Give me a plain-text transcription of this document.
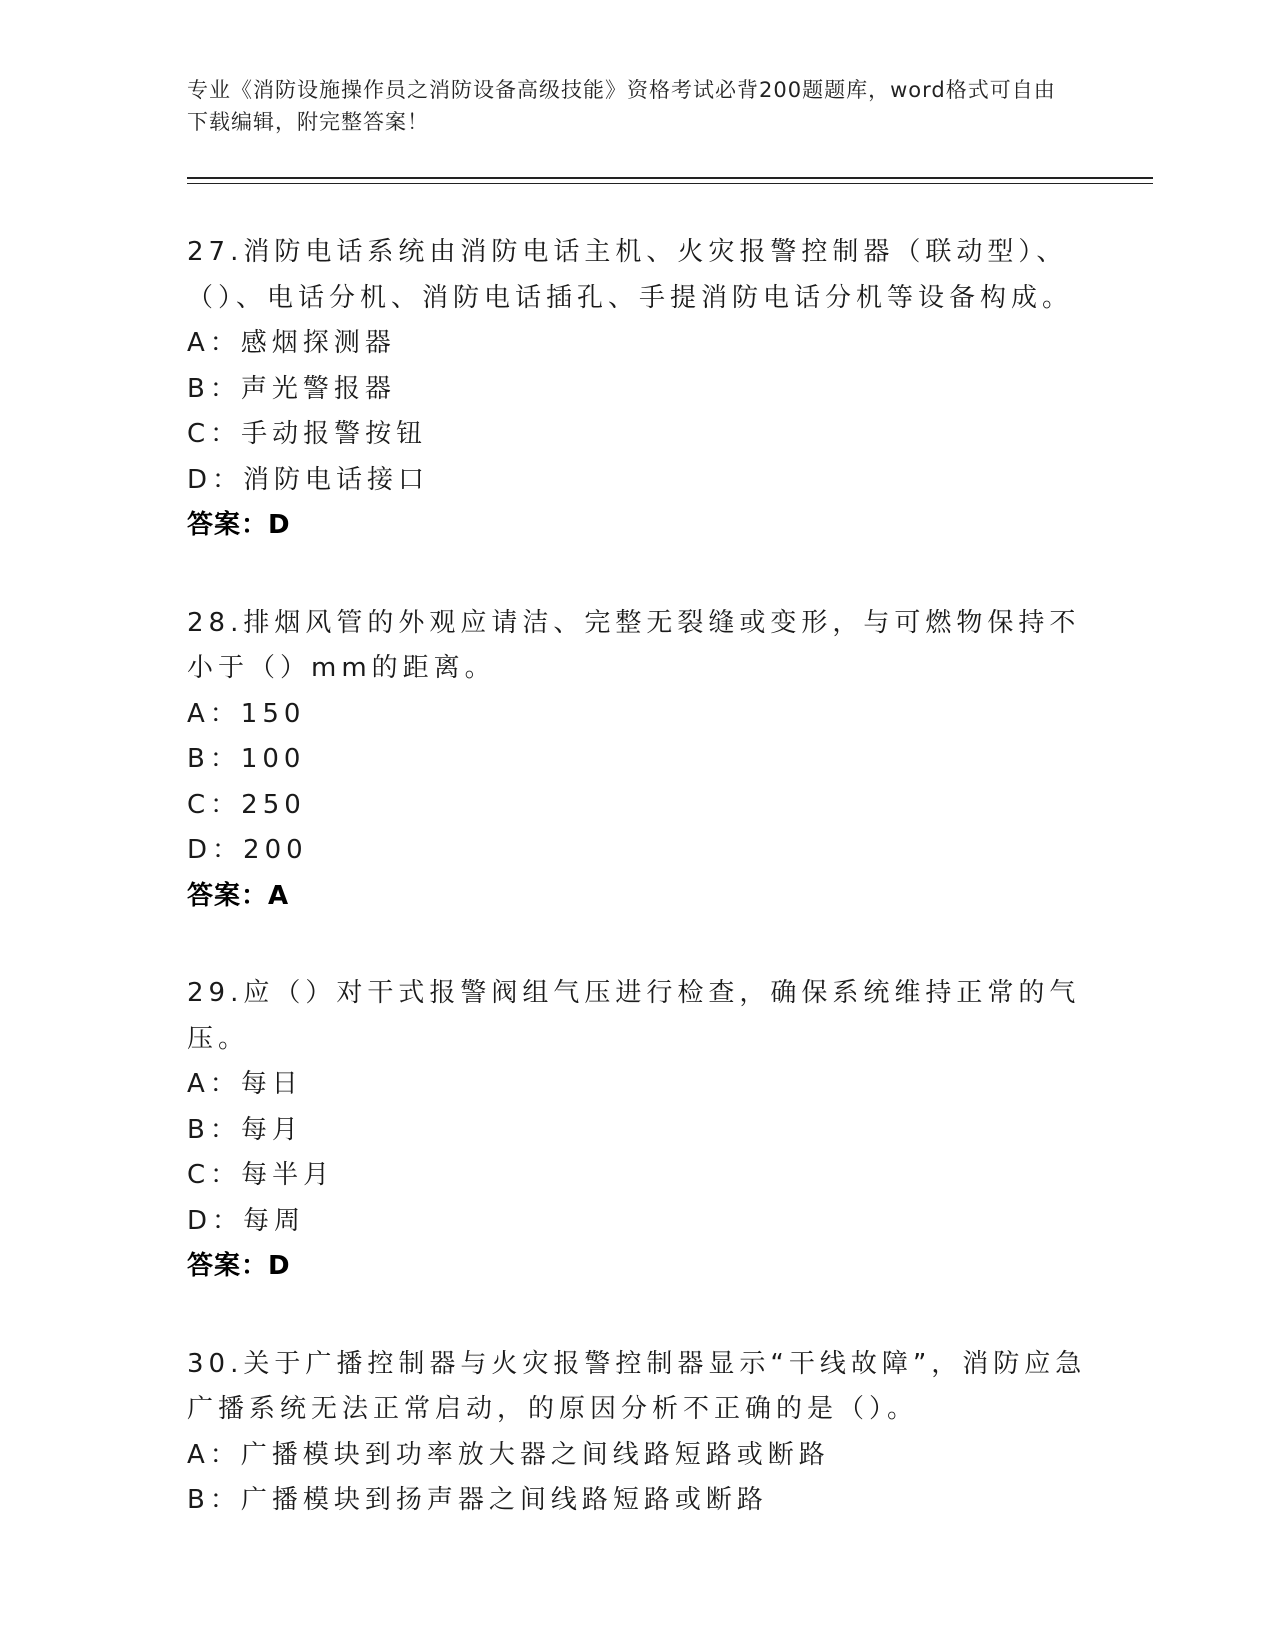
专业《消防设施操作员之消防设备高级技能》资格考试必背200题题库，word格式可自由下载编辑，附完整答案！
27.消防电话系统由消防电话主机、火灾报警控制器（联动型）、（）、电话分机、消防电话插孔、手提消防电话分机等设备构成。
A：感烟探测器
B：声光警报器
C：手动报警按钮
D：消防电话接口
答案：D
28.排烟风管的外观应请洁、完整无裂缝或变形，与可燃物保持不小于（）mm的距离。
A：150
B：100
C：250
D：200
答案：A
29.应（）对干式报警阀组气压进行检查，确保系统维持正常的气压。
A：每日
B：每月
C：每半月
D：每周
答案：D
30.关于广播控制器与火灾报警控制器显示“干线故障”，消防应急广播系统无法正常启动，的原因分析不正确的是（）。
A：广播模块到功率放大器之间线路短路或断路
B：广播模块到扬声器之间线路短路或断路
